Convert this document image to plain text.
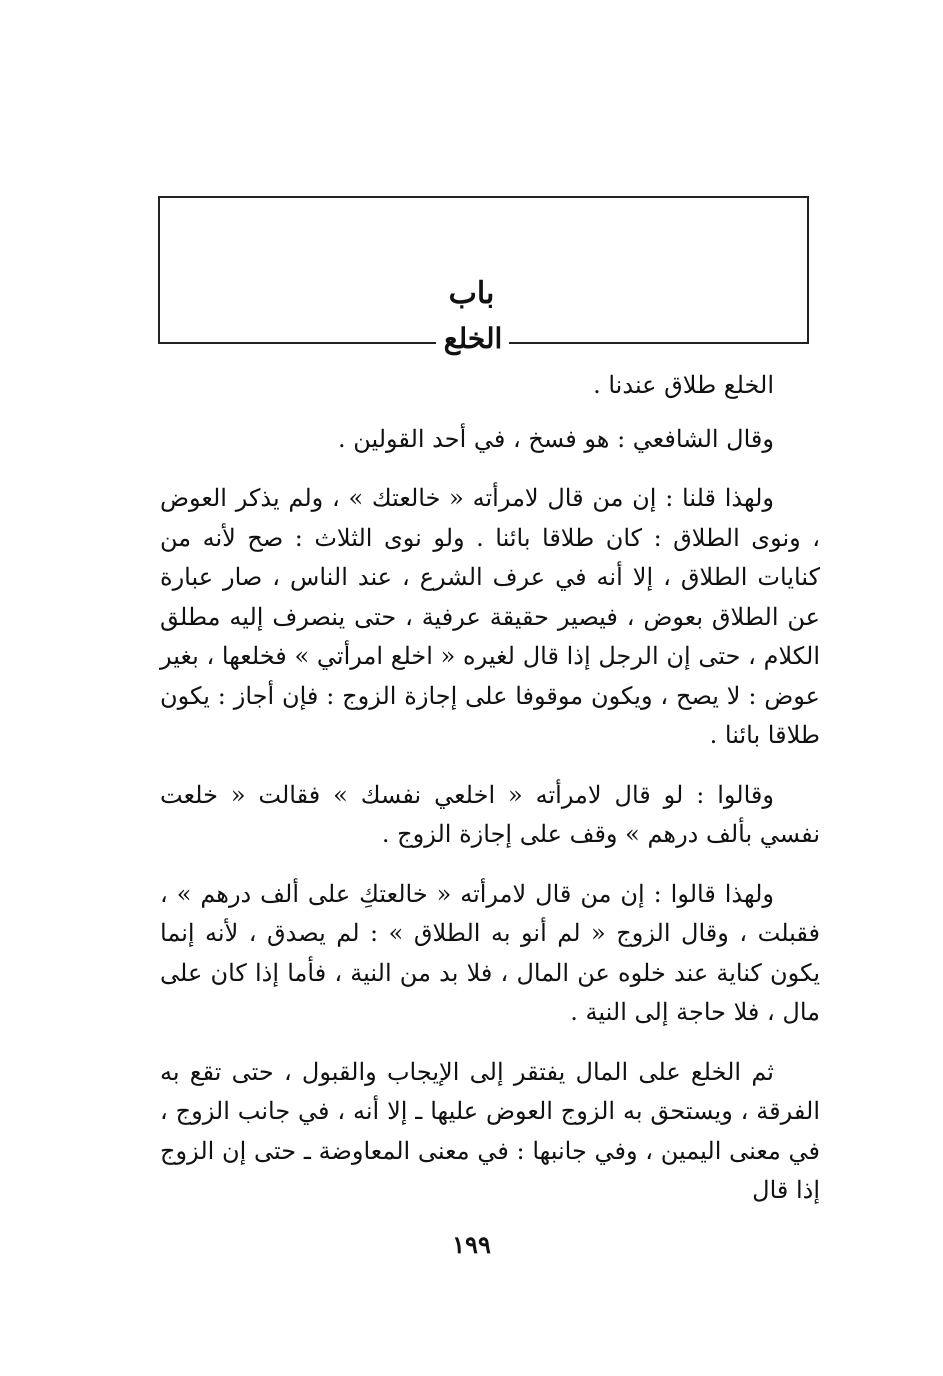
باب
الخلع

الخلع طلاق عندنا .

وقال الشافعي : هو فسخ ، في أحد القولين .

ولهذا قلنا : إن من قال لامرأته « خالعتك » ، ولم يذكر العوض ، ونوى الطلاق : كان طلاقا بائنا . ولو نوى الثلاث : صح لأنه من كنايات الطلاق ، إلا أنه في عرف الشرع ، عند الناس ، صار عبارة عن الطلاق بعوض ، فيصير حقيقة عرفية ، حتى ينصرف إليه مطلق الكلام ، حتى إن الرجل إذا قال لغيره « اخلع امرأتي » فخلعها ، بغير عوض : لا يصح ، ويكون موقوفا على إجازة الزوج : فإن أجاز : يكون طلاقا بائنا .

وقالوا : لو قال لامرأته « اخلعي نفسك » فقالت « خلعت نفسي بألف درهم » وقف على إجازة الزوج .

ولهذا قالوا : إن من قال لامرأته « خالعتكِ على ألف درهم » ، فقبلت ، وقال الزوج « لم أنو به الطلاق » : لم يصدق ، لأنه إنما يكون كناية عند خلوه عن المال ، فلا بد من النية ، فأما إذا كان على مال ، فلا حاجة إلى النية .

ثم الخلع على المال يفتقر إلى الإيجاب والقبول ، حتى تقع به الفرقة ، ويستحق به الزوج العوض عليها ـ إلا أنه ، في جانب الزوج ، في معنى اليمين ، وفي جانبها : في معنى المعاوضة ـ حتى إن الزوج إذا قال

١٩٩
